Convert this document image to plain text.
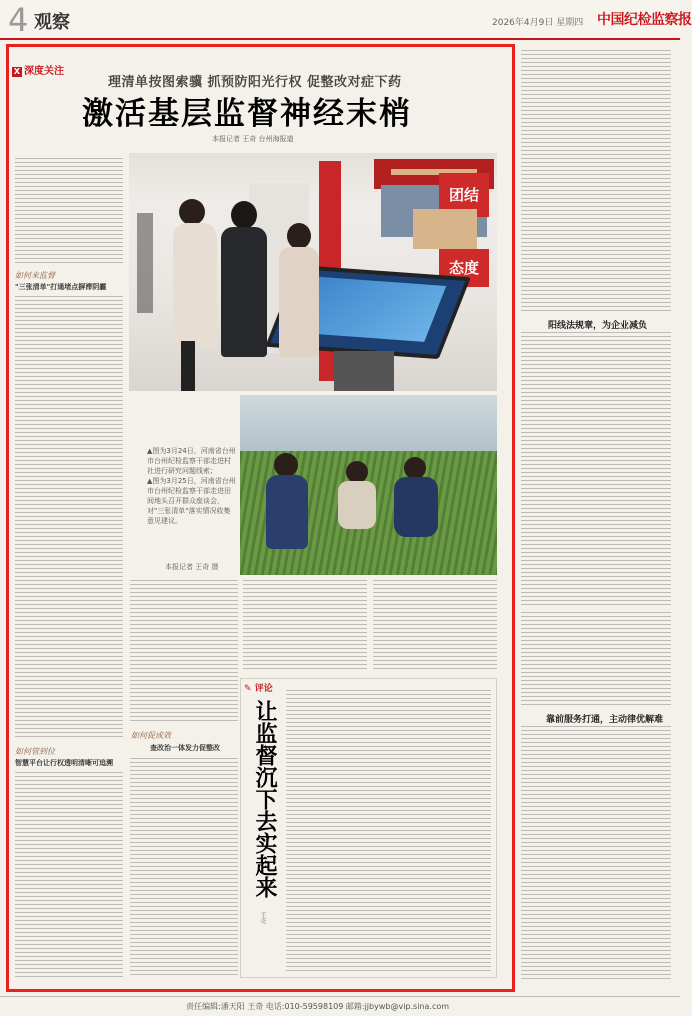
4 观察	2026年4月9日 星期四 中国纪检监察报
X 深度关注
理清单按图索骥 抓预防阳光行权 促整改对症下药
激活基层监督神经末梢
本报记者 王奇 台州海报道
如何来监督
"三张清单"打通堵点摒滞阴霾
如何管到位
智慧平台让行权透明清晰可追溯
团结
态度
▲图为3月24日，河南省台州市台州纪检监察干部走进村社进行研究问题线索；
▲图为3月25日，河南省台州市台州纪检监察干部走进田间地头召开群众座谈会，对"三张清单"落实情况收集意见建议。
本报记者 王奇 摄
如何促成效
查改治一体发力促整改
✎ 评论
让监督沉下去实起来
王奇
阳线法规章，为企业减负
靠前服务打通，主动律优解难
责任编辑:潘天阳 王奇 电话:010-59598109 邮箱:jjbywb@vip.sina.com
